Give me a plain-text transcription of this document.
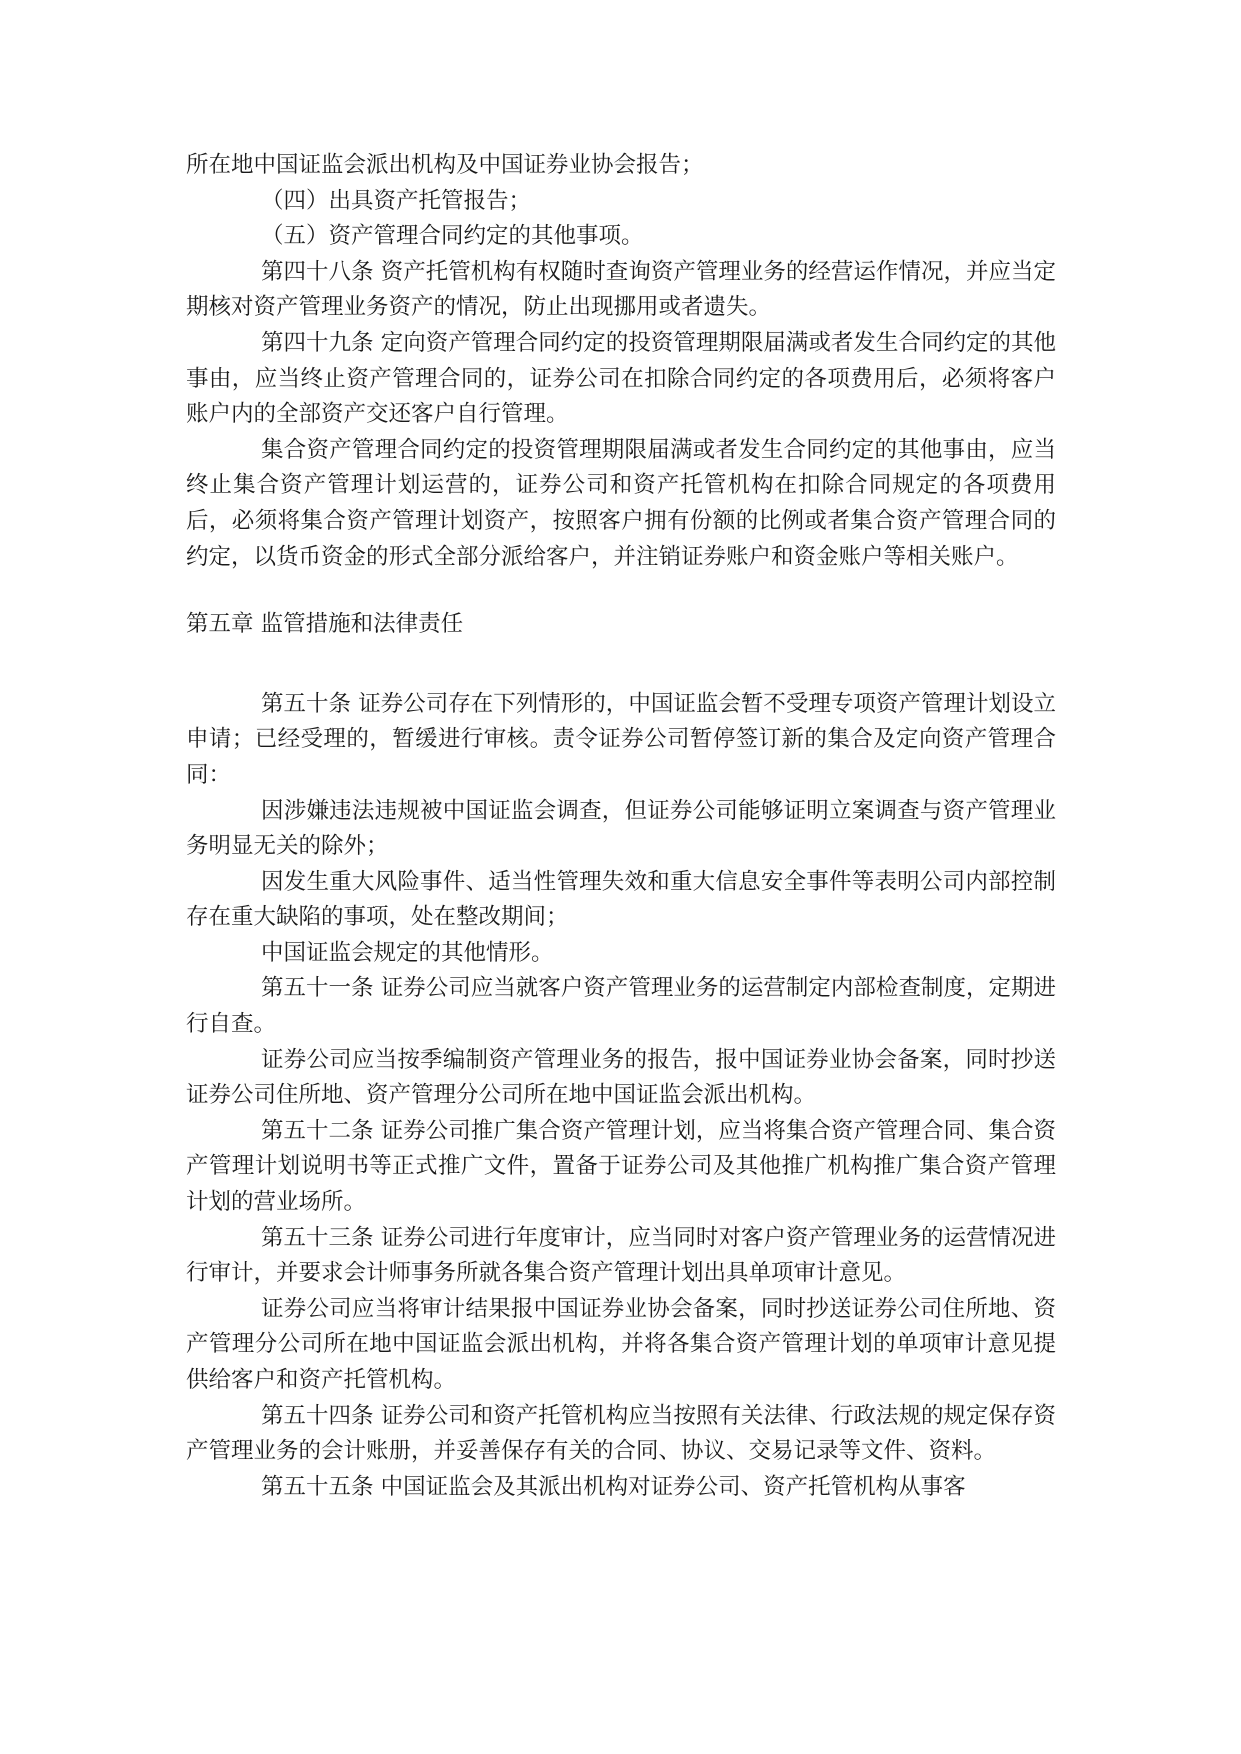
所在地中国证监会派出机构及中国证券业协会报告；

（四）出具资产托管报告；

（五）资产管理合同约定的其他事项。

第四十八条 资产托管机构有权随时查询资产管理业务的经营运作情况，并应当定期核对资产管理业务资产的情况，防止出现挪用或者遗失。

第四十九条 定向资产管理合同约定的投资管理期限届满或者发生合同约定的其他事由，应当终止资产管理合同的，证券公司在扣除合同约定的各项费用后，必须将客户账户内的全部资产交还客户自行管理。

集合资产管理合同约定的投资管理期限届满或者发生合同约定的其他事由，应当终止集合资产管理计划运营的，证券公司和资产托管机构在扣除合同规定的各项费用后，必须将集合资产管理计划资产，按照客户拥有份额的比例或者集合资产管理合同的约定，以货币资金的形式全部分派给客户，并注销证券账户和资金账户等相关账户。

第五章 监管措施和法律责任

第五十条 证券公司存在下列情形的，中国证监会暂不受理专项资产管理计划设立申请；已经受理的，暂缓进行审核。责令证券公司暂停签订新的集合及定向资产管理合同：

因涉嫌违法违规被中国证监会调查，但证券公司能够证明立案调查与资产管理业务明显无关的除外；

因发生重大风险事件、适当性管理失效和重大信息安全事件等表明公司内部控制存在重大缺陷的事项，处在整改期间；

中国证监会规定的其他情形。

第五十一条 证券公司应当就客户资产管理业务的运营制定内部检查制度，定期进行自查。

证券公司应当按季编制资产管理业务的报告，报中国证券业协会备案，同时抄送证券公司住所地、资产管理分公司所在地中国证监会派出机构。

第五十二条 证券公司推广集合资产管理计划，应当将集合资产管理合同、集合资产管理计划说明书等正式推广文件，置备于证券公司及其他推广机构推广集合资产管理计划的营业场所。

第五十三条 证券公司进行年度审计，应当同时对客户资产管理业务的运营情况进行审计，并要求会计师事务所就各集合资产管理计划出具单项审计意见。

证券公司应当将审计结果报中国证券业协会备案，同时抄送证券公司住所地、资产管理分公司所在地中国证监会派出机构，并将各集合资产管理计划的单项审计意见提供给客户和资产托管机构。

第五十四条 证券公司和资产托管机构应当按照有关法律、行政法规的规定保存资产管理业务的会计账册，并妥善保存有关的合同、协议、交易记录等文件、资料。

第五十五条 中国证监会及其派出机构对证券公司、资产托管机构从事客
